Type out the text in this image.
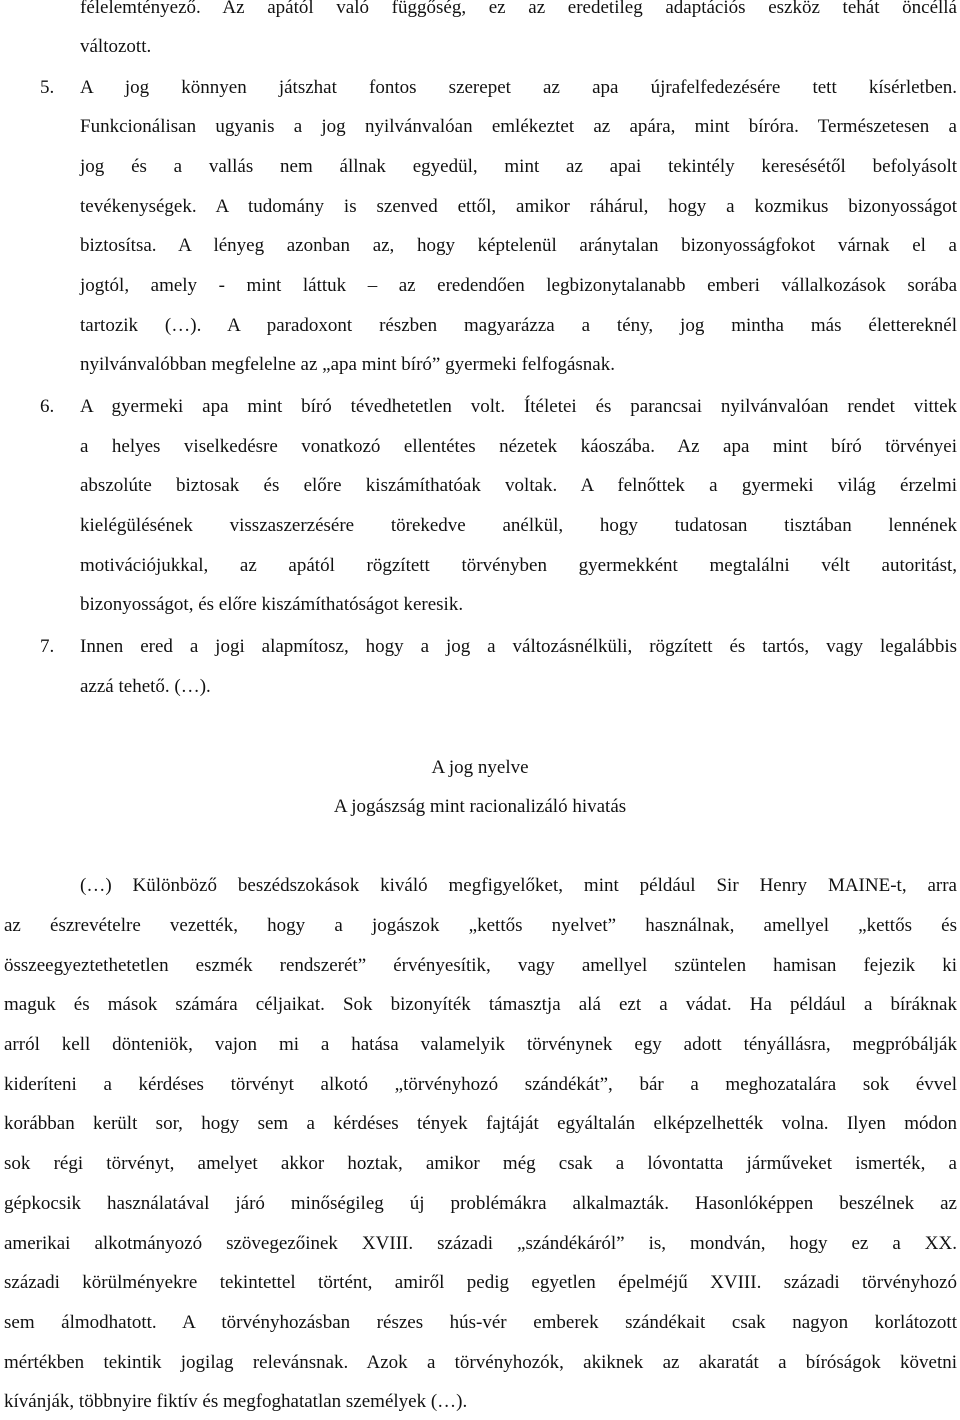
félelemtényező. Az apától való függőség, ez az eredetileg adaptációs eszköz tehát öncéllá
változott.
5. A jog könnyen játszhat fontos szerepet az apa újrafelfedezésére tett kísérletben.
Funkcionálisan ugyanis a jog nyilvánvalóan emlékeztet az apára, mint bíróra. Természetesen a
jog és a vallás nem állnak egyedül, mint az apai tekintély keresésétől befolyásolt
tevékenységek. A tudomány is szenved ettől, amikor ráhárul, hogy a kozmikus bizonyosságot
biztosítsa. A lényeg azonban az, hogy képtelenül aránytalan bizonyosságfokot várnak el a
jogtól, amely - mint láttuk – az eredendően legbizonytalanabb emberi vállalkozások sorába
tartozik (…). A paradoxont részben magyarázza a tény, jog mintha más élettereknél
nyilvánvalóbban megfelelne az „apa mint bíró” gyermeki felfogásnak.
6. A gyermeki apa mint bíró tévedhetetlen volt. Ítéletei és parancsai nyilvánvalóan rendet vittek
a helyes viselkedésre vonatkozó ellentétes nézetek káoszába. Az apa mint bíró törvényei
abszolúte biztosak és előre kiszámíthatóak voltak. A felnőttek a gyermeki világ érzelmi
kielégülésének visszaszerzésére törekedve anélkül, hogy tudatosan tisztában lennének
motivációjukkal, az apától rögzített törvényben gyermekként megtalálni vélt autoritást,
bizonyosságot, és előre kiszámíthatóságot keresik.
7. Innen ered a jogi alapmítosz, hogy a jog a változásnélküli, rögzített és tartós, vagy legalábbis
azzá tehető. (…).
A jog nyelve
A jogászság mint racionalizáló hivatás
(…) Különböző beszédszokások kiváló megfigyelőket, mint például Sir Henry MAINE-t, arra
az észrevételre vezették, hogy a jogászok „kettős nyelvet” használnak, amellyel „kettős és
összeegyeztethetetlen eszmék rendszerét” érvényesítik, vagy amellyel szüntelen hamisan fejezik ki
maguk és mások számára céljaikat. Sok bizonyíték támasztja alá ezt a vádat. Ha például a bíráknak
arról kell dönteniök, vajon mi a hatása valamelyik törvénynek egy adott tényállásra, megpróbálják
kideríteni a kérdéses törvényt alkotó „törvényhozó szándékát”, bár a meghozatalára sok évvel
korábban került sor, hogy sem a kérdéses tények fajtáját egyáltalán elképzelhették volna. Ilyen módon
sok régi törvényt, amelyet akkor hoztak, amikor még csak a lóvontatta járműveket ismerték, a
gépkocsik használatával járó minőségileg új problémákra alkalmazták. Hasonlóképpen beszélnek az
amerikai alkotmányozó szövegezőinek XVIII. századi „szándékáról” is, mondván, hogy ez a XX.
századi körülményekre tekintettel történt, amiről pedig egyetlen épelméjű XVIII. századi törvényhozó
sem álmodhatott. A törvényhozásban részes hús-vér emberek szándékait csak nagyon korlátozott
mértékben tekintik jogilag relevánsnak. Azok a törvényhozók, akiknek az akaratát a bíróságok követni
kívánják, többnyire fiktív és megfoghatatlan személyek (…).
